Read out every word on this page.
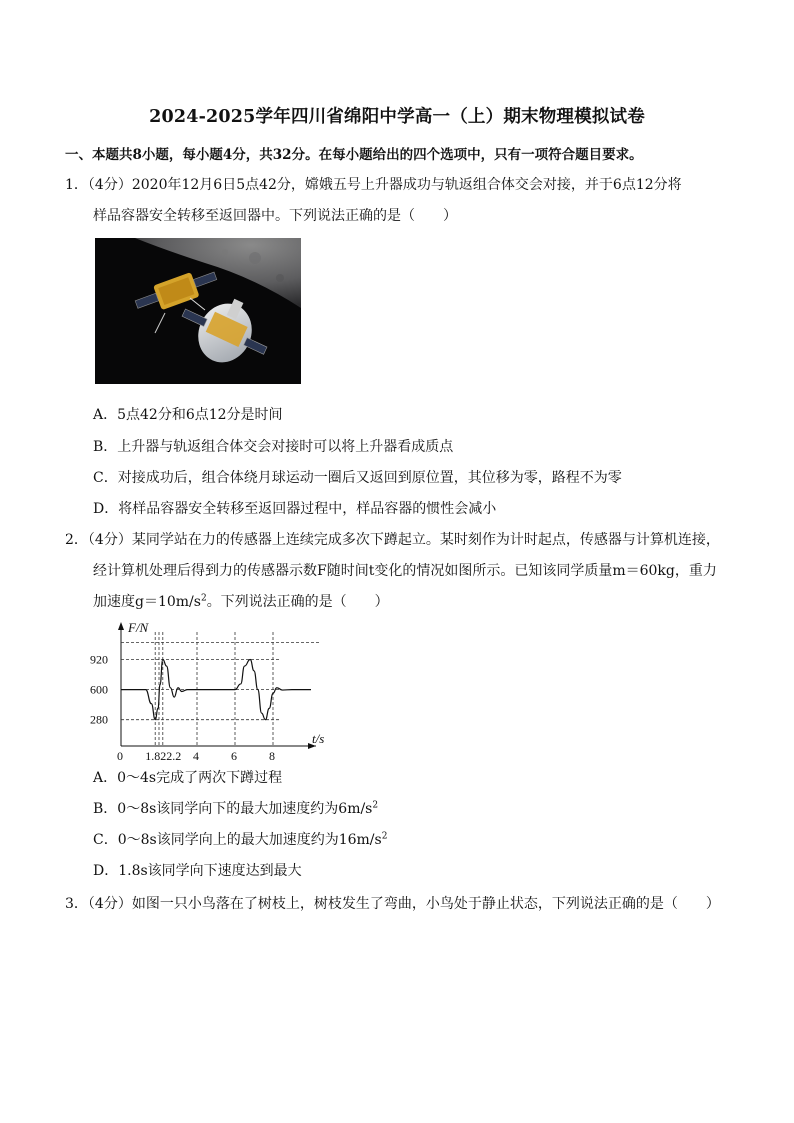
2024-2025学年四川省绵阳中学高一（上）期末物理模拟试卷
一、本题共8小题，每小题4分，共32分。在每小题给出的四个选项中，只有一项符合题目要求。
1．（4分）2020年12月6日5点42分，嫦娥五号上升器成功与轨返组合体交会对接，并于6点12分将
样品容器安全转移至返回器中。下列说法正确的是（　　）
A．5点42分和6点12分是时间
B．上升器与轨返组合体交会对接时可以将上升器看成质点
C．对接成功后，组合体绕月球运动一圈后又返回到原位置，其位移为零，路程不为零
D．将样品容器安全转移至返回器过程中，样品容器的惯性会减小
2．（4分）某同学站在力的传感器上连续完成多次下蹲起立。某时刻作为计时起点，传感器与计算机连接，
经计算机处理后得到力的传感器示数F随时间t变化的情况如图所示。已知该同学质量m＝60kg，重力
加速度$g=10m/s^2$。下列说法正确的是（　　）
F/N
t/s
280
600
920
0 1.822.2 4	6	8
A．0～4s完成了两次下蹲过程
B．0～8s该同学向下的最大加速度约为$6m/s^2$
C．0～8s该同学向上的最大加速度约为$16m/s^2$
D．1.8s该同学向下速度达到最大
3．（4分）如图一只小鸟落在了树枝上，树枝发生了弯曲，小鸟处于静止状态，下列说法正确的是（　　）
